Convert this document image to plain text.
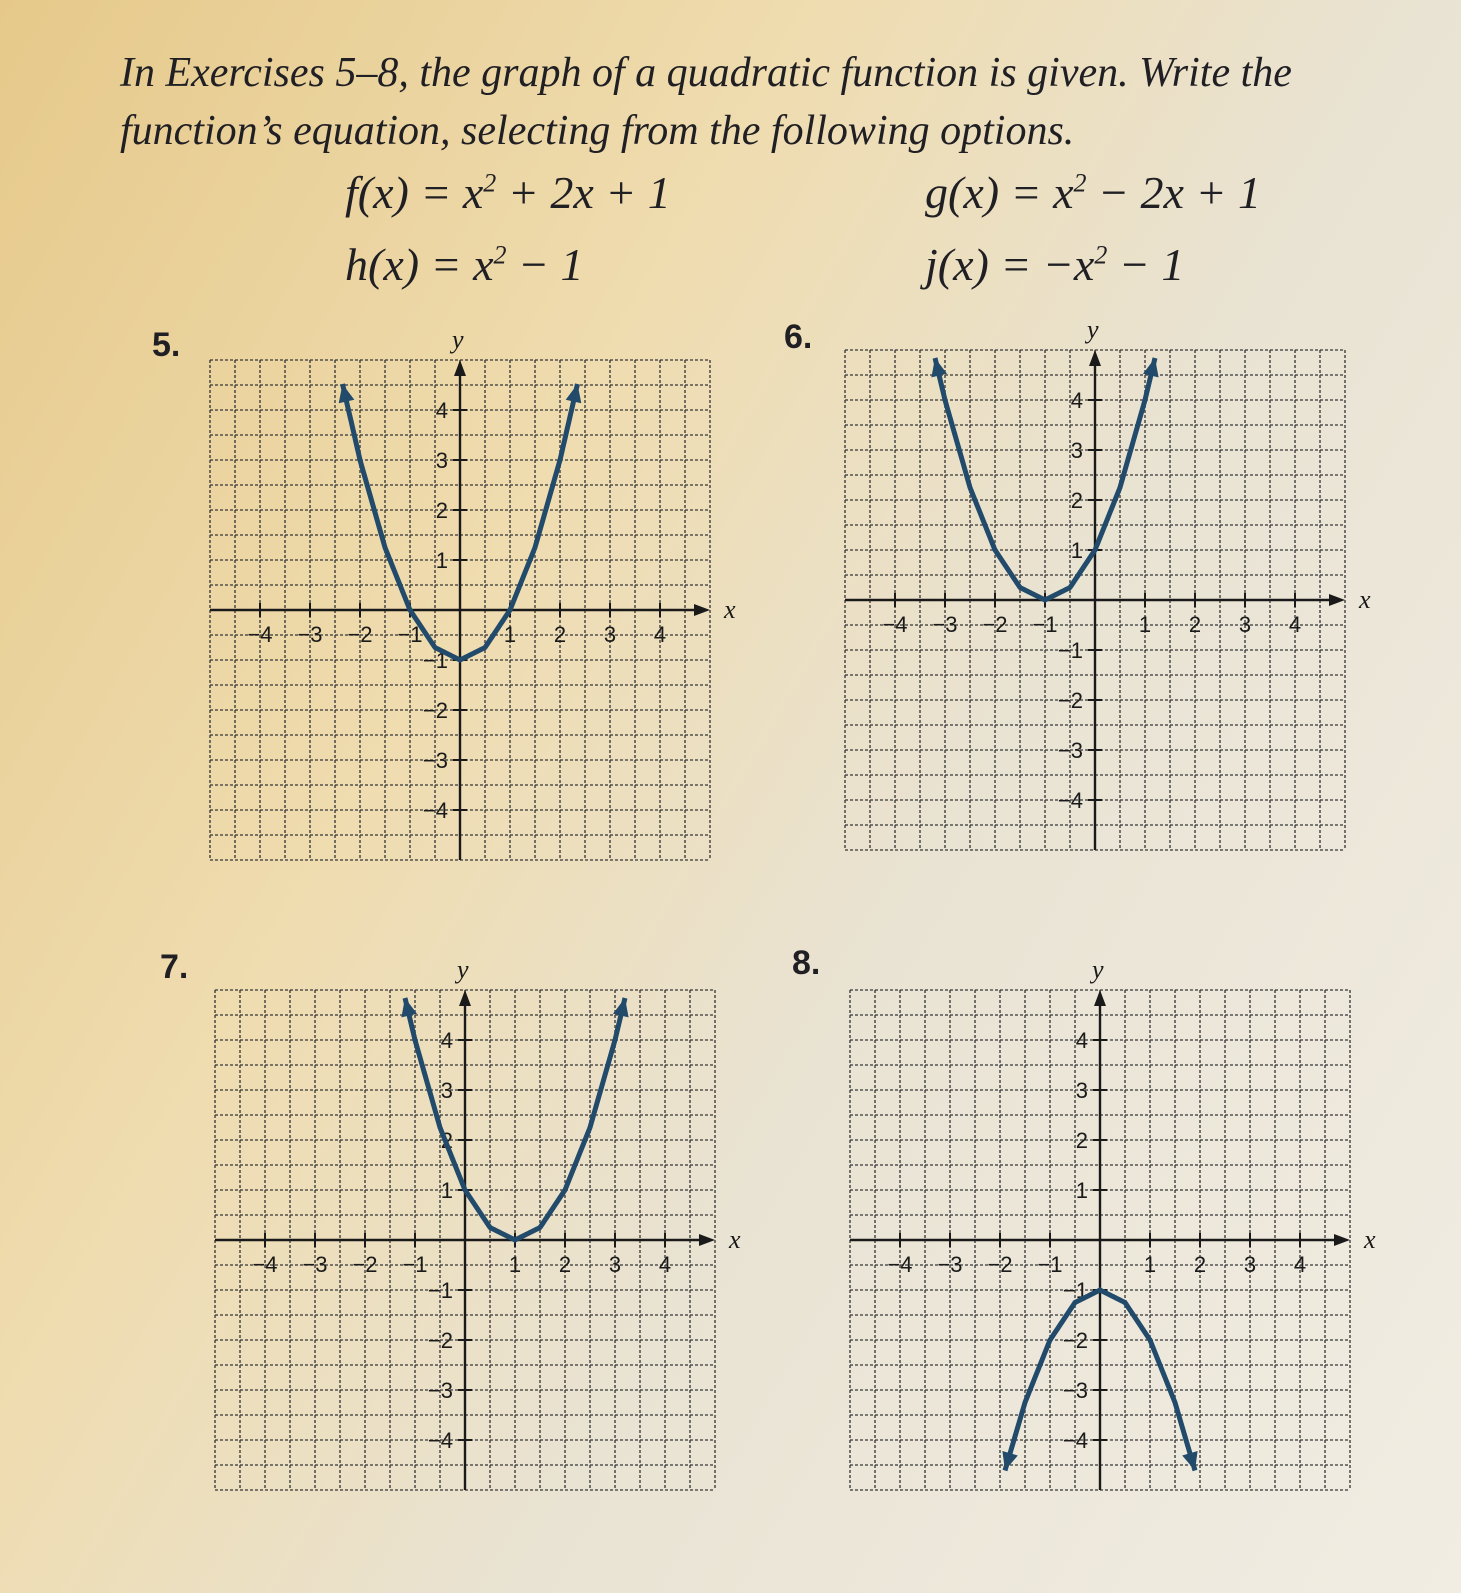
In Exercises 5–8, the graph of a quadratic function is given. Write the function’s equation, selecting from the following options.

$f(x) = x^2 + 2x + 1$	$g(x) = x^2 - 2x + 1$
$h(x) = x^2 - 1$	$j(x) = -x^2 - 1$
5.	6.
7.	8.
x
y
−4 −3 −2 −1	1 2 3 4
4
3
2
1
−1
−2
−3
−4
x
y
−4 −3 −2 −1	1 2 3 4
4
3
2
1
−1
−2
−3
−4
x
y
−4 −3 −2 −1	1 2 3 4
4
3
2
1
−1
−2
−3
−4
x
y
−4 −3 −2 −1	1 2 3 4
4
3
2
1
−1
−2
−3
−4
